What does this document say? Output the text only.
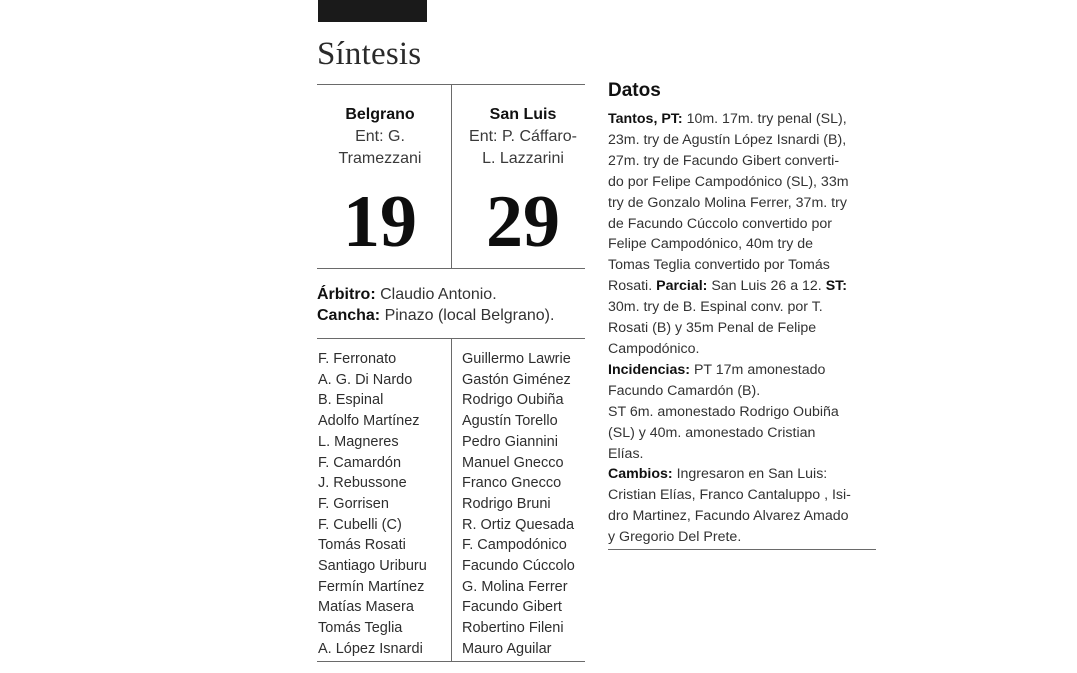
Síntesis
Belgrano
Ent: G.
Tramezzani
19
San Luis
Ent: P. Cáffaro-
L. Lazzarini
29
Árbitro: Claudio Antonio.
Cancha: Pinazo (local Belgrano).
F. Ferronato
A. G. Di Nardo
B. Espinal
Adolfo Martínez
L. Magneres
F. Camardón
J. Rebussone
F. Gorrisen
F. Cubelli (C)
Tomás Rosati
Santiago Uriburu
Fermín Martínez
Matías Masera
Tomás Teglia
A. López Isnardi
Guillermo Lawrie
Gastón Giménez
Rodrigo Oubiña
Agustín Torello
Pedro Giannini
Manuel Gnecco
Franco Gnecco
Rodrigo Bruni
R. Ortiz Quesada
F. Campodónico
Facundo Cúccolo
G. Molina Ferrer
Facundo Gibert
Robertino Fileni
Mauro Aguilar
Datos
Tantos, PT: 10m. 17m. try penal (SL),
23m. try de Agustín López Isnardi (B),
27m. try de Facundo Gibert converti-
do por Felipe Campodónico (SL), 33m
try de Gonzalo Molina Ferrer, 37m. try
de Facundo Cúccolo convertido por
Felipe Campodónico, 40m try de
Tomas Teglia convertido por Tomás
Rosati. Parcial: San Luis 26 a 12. ST:
30m. try de B. Espinal conv. por T.
Rosati (B) y 35m Penal de Felipe
Campodónico.
Incidencias: PT 17m amonestado
Facundo Camardón (B).
ST 6m. amonestado Rodrigo Oubiña
(SL) y 40m. amonestado Cristian
Elías.
Cambios: Ingresaron en San Luis:
Cristian Elías, Franco Cantaluppo , Isi-
dro Martinez, Facundo Alvarez Amado
y Gregorio Del Prete.
